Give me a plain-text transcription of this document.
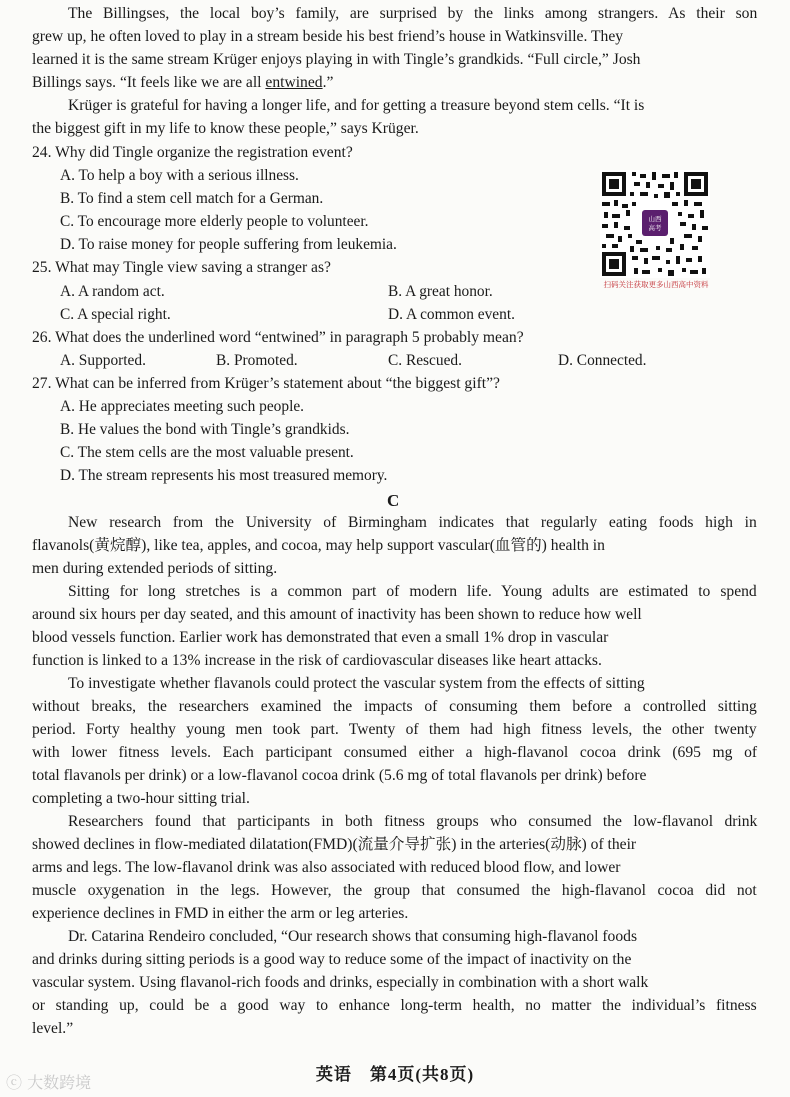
The Billingses, the local boy’s family, are surprised by the links among strangers. As their son
grew up, he often loved to play in a stream beside his best friend’s house in Watkinsville. They
learned it is the same stream Krüger enjoys playing in with Tingle’s grandkids. “Full circle,” Josh
Billings says. “It feels like we are all entwined.”
Krüger is grateful for having a longer life, and for getting a treasure beyond stem cells. “It is
the biggest gift in my life to know these people,” says Krüger.
24. Why did Tingle organize the registration event?
A. To help a boy with a serious illness.
B. To find a stem cell match for a German.
C. To encourage more elderly people to volunteer.
D. To raise money for people suffering from leukemia.
25. What may Tingle view saving a stranger as?
A. A random act.	B. A great honor.
C. A special right.	D. A common event.
26. What does the underlined word “entwined” in paragraph 5 probably mean?
A. Supported.	B. Promoted.	C. Rescued.	D. Connected.
27. What can be inferred from Krüger’s statement about “the biggest gift”?
A. He appreciates meeting such people.
B. He values the bond with Tingle’s grandkids.
C. The stem cells are the most valuable present.
D. The stream represents his most treasured memory.
山西
高考
扫码关注获取更多山西高中资料
C
New research from the University of Birmingham indicates that regularly eating foods high in
flavanols(黄烷醇), like tea, apples, and cocoa, may help support vascular(血管的) health in
men during extended periods of sitting.
Sitting for long stretches is a common part of modern life. Young adults are estimated to spend
around six hours per day seated, and this amount of inactivity has been shown to reduce how well
blood vessels function. Earlier work has demonstrated that even a small 1% drop in vascular
function is linked to a 13% increase in the risk of cardiovascular diseases like heart attacks.
To investigate whether flavanols could protect the vascular system from the effects of sitting
without breaks, the researchers examined the impacts of consuming them before a controlled sitting
period. Forty healthy young men took part. Twenty of them had high fitness levels, the other twenty
with lower fitness levels. Each participant consumed either a high-flavanol cocoa drink (695 mg of
total flavanols per drink) or a low-flavanol cocoa drink (5.6 mg of total flavanols per drink) before
completing a two-hour sitting trial.
Researchers found that participants in both fitness groups who consumed the low-flavanol drink
showed declines in flow-mediated dilatation(FMD)(流量介导扩张) in the arteries(动脉) of their
arms and legs. The low-flavanol drink was also associated with reduced blood flow, and lower
muscle oxygenation in the legs. However, the group that consumed the high-flavanol cocoa did not
experience declines in FMD in either the arm or leg arteries.
Dr. Catarina Rendeiro concluded, “Our research shows that consuming high-flavanol foods
and drinks during sitting periods is a good way to reduce some of the impact of inactivity on the
vascular system. Using flavanol-rich foods and drinks, especially in combination with a short walk
or standing up, could be a good way to enhance long-term health, no matter the individual’s fitness
level.”
英语　第4页(共8页)
ⓒ 大数跨境
